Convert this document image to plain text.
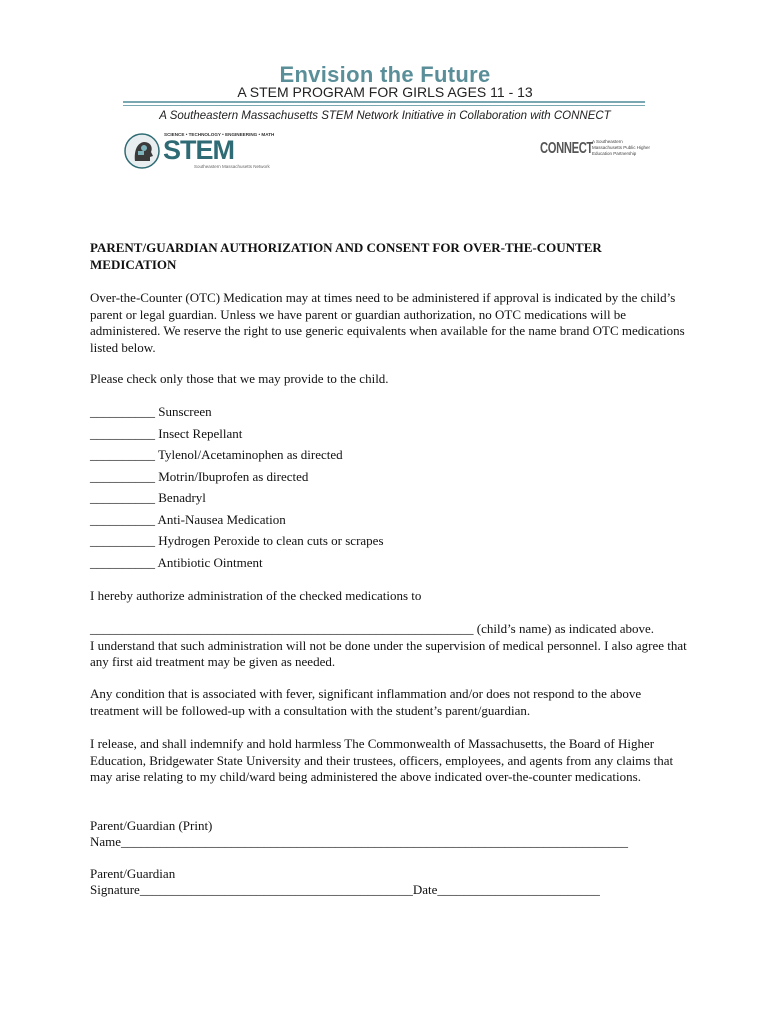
Envision the Future
A STEM PROGRAM FOR GIRLS AGES 11 - 13
A Southeastern Massachusetts STEM Network Initiative in Collaboration with CONNECT
SCIENCE • TECHNOLOGY • ENGINEERING • MATH
STEM
Southeastern Massachusetts Network
CONNECT A Southeastern Massachusetts Public Higher Education Partnership
PARENT/GUARDIAN AUTHORIZATION AND CONSENT FOR OVER-THE-COUNTER MEDICATION
Over-the-Counter (OTC) Medication may at times need to be administered if approval is indicated by the child’s parent or legal guardian. Unless we have parent or guardian authorization, no OTC medications will be administered. We reserve the right to use generic equivalents when available for the name brand OTC medications listed below.
Please check only those that we may provide to the child.
__________ Sunscreen
__________ Insect Repellant
__________ Tylenol/Acetaminophen as directed
__________ Motrin/Ibuprofen as directed
__________ Benadryl
__________ Anti-Nausea Medication
__________ Hydrogen Peroxide to clean cuts or scrapes
__________ Antibiotic Ointment
I hereby authorize administration of the checked medications to
___________________________________________________________ (child’s name) as indicated above.
I understand that such administration will not be done under the supervision of medical personnel. I also agree that any first aid treatment may be given as needed.
Any condition that is associated with fever, significant inflammation and/or does not respond to the above treatment will be followed-up with a consultation with the student’s parent/guardian.
I release, and shall indemnify and hold harmless The Commonwealth of Massachusetts, the Board of Higher Education, Bridgewater State University and their trustees, officers, employees, and agents from any claims that may arise relating to my child/ward being administered the above indicated over-the-counter medications.
Parent/Guardian (Print)
Name______________________________________________________________________________
Parent/Guardian
Signature__________________________________________Date_________________________
